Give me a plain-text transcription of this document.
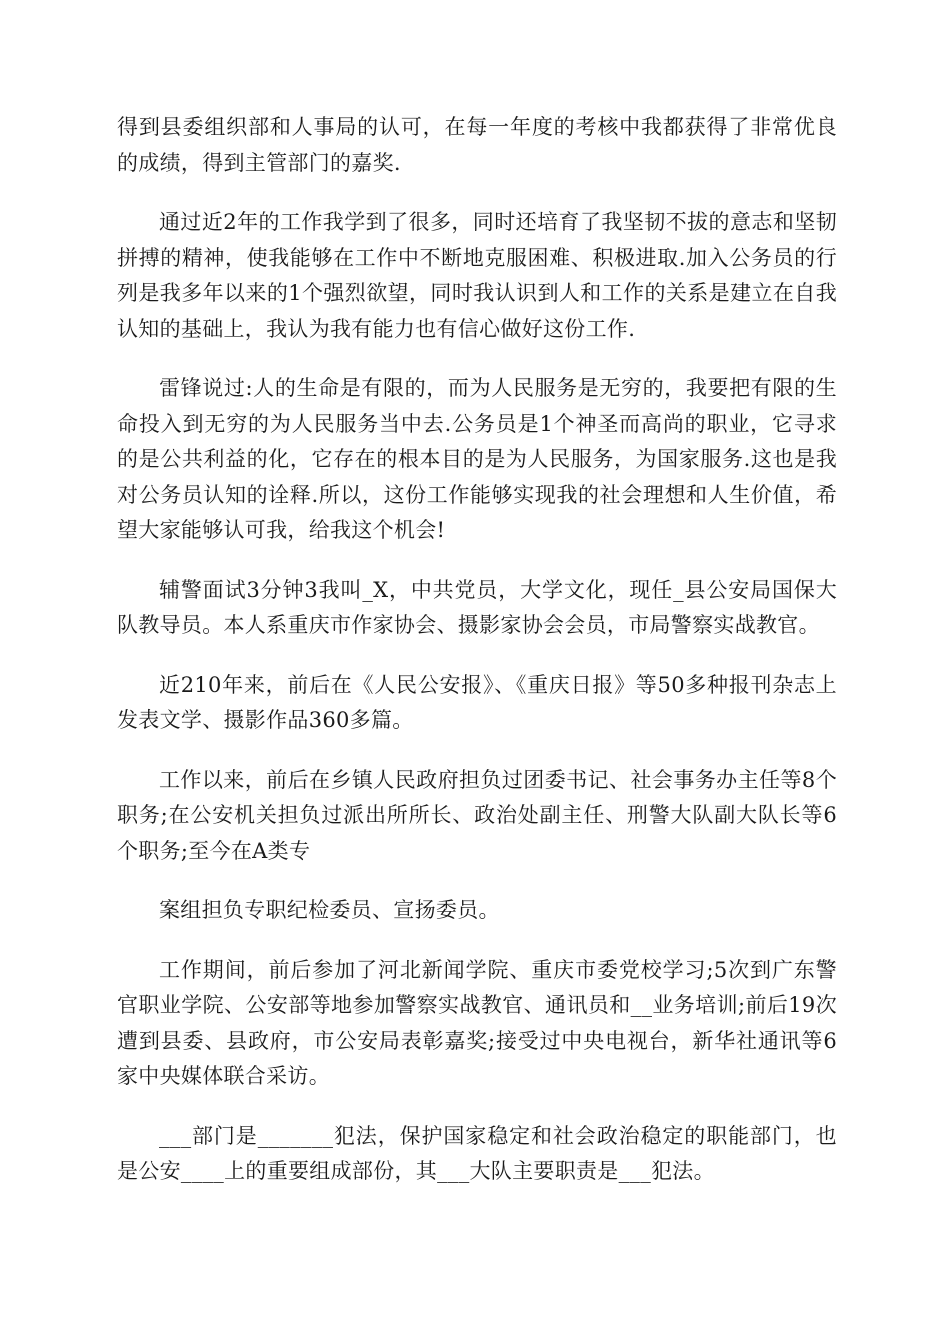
得到县委组织部和人事局的认可，在每一年度的考核中我都获得了非常优良的成绩，得到主管部门的嘉奖.

通过近2年的工作我学到了很多，同时还培育了我坚韧不拔的意志和坚韧拼搏的精神，使我能够在工作中不断地克服困难、积极进取.加入公务员的行列是我多年以来的1个强烈欲望，同时我认识到人和工作的关系是建立在自我认知的基础上，我认为我有能力也有信心做好这份工作.

雷锋说过:人的生命是有限的，而为人民服务是无穷的，我要把有限的生命投入到无穷的为人民服务当中去.公务员是1个神圣而高尚的职业，它寻求的是公共利益的化，它存在的根本目的是为人民服务，为国家服务.这也是我对公务员认知的诠释.所以，这份工作能够实现我的社会理想和人生价值，希望大家能够认可我，给我这个机会!

辅警面试3分钟3我叫_X，中共党员，大学文化，现任_县公安局国保大队教导员。本人系重庆市作家协会、摄影家协会会员，市局警察实战教官。

近210年来，前后在《人民公安报》、《重庆日报》等50多种报刊杂志上发表文学、摄影作品360多篇。

工作以来，前后在乡镇人民政府担负过团委书记、社会事务办主任等8个职务;在公安机关担负过派出所所长、政治处副主任、刑警大队副大队长等6个职务;至今在A类专

案组担负专职纪检委员、宣扬委员。

工作期间，前后参加了河北新闻学院、重庆市委党校学习;5次到广东警官职业学院、公安部等地参加警察实战教官、通讯员和__业务培训;前后19次遭到县委、县政府，市公安局表彰嘉奖;接受过中央电视台，新华社通讯等6家中央媒体联合采访。

___部门是_______犯法，保护国家稳定和社会政治稳定的职能部门，也是公安____上的重要组成部份，其___大队主要职责是___犯法。
